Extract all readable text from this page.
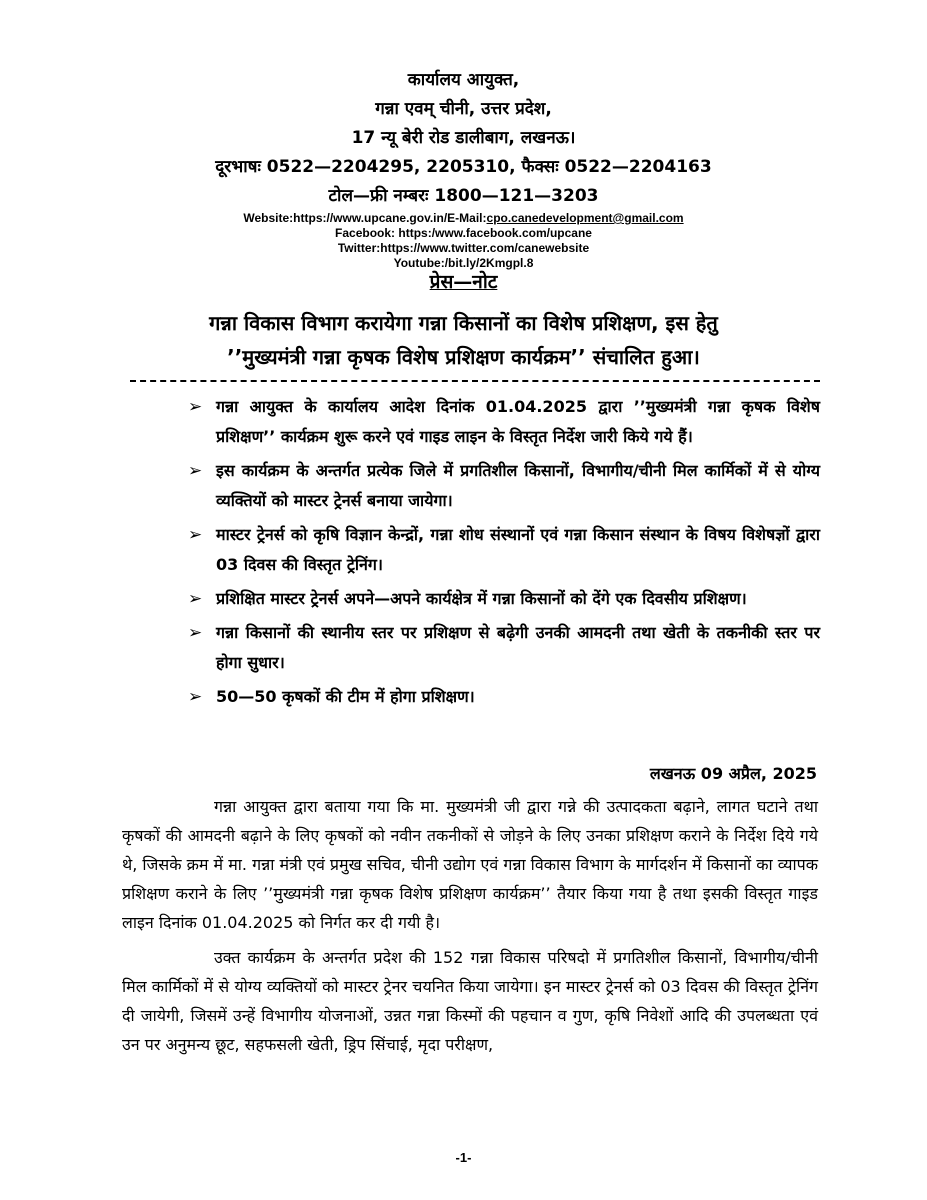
कार्यालय आयुक्त,
गन्ना एवम् चीनी, उत्तर प्रदेश,
17 न्यू बेरी रोड डालीबाग, लखनऊ।
दूरभाषः 0522—2204295, 2205310, फैक्सः 0522—2204163
टोल—फ्री नम्बरः 1800—121—3203
Website:https://www.upcane.gov.in/E-Mail:cpo.canedevelopment@gmail.com
Facebook: https:/www.facebook.com/upcane
Twitter:https://www.twitter.com/canewebsite
Youtube:/bit.ly/2Kmgpl.8
प्रेस—नोट
गन्ना विकास विभाग करायेगा गन्ना किसानों का विशेष प्रशिक्षण, इस हेतु
’’मुख्यमंत्री गन्ना कृषक विशेष प्रशिक्षण कार्यक्रम’’ संचालित हुआ।
➢ गन्ना आयुक्त के कार्यालय आदेश दिनांक 01.04.2025 द्वारा ’’मुख्यमंत्री गन्ना कृषक विशेष प्रशिक्षण’’ कार्यक्रम शुरू करने एवं गाइड लाइन के विस्तृत निर्देश जारी किये गये हैं।
➢ इस कार्यक्रम के अन्तर्गत प्रत्येक जिले में प्रगतिशील किसानों, विभागीय/चीनी मिल कार्मिकों में से योग्य व्यक्तियों को मास्टर ट्रेनर्स बनाया जायेगा।
➢ मास्टर ट्रेनर्स को कृषि विज्ञान केन्द्रों, गन्ना शोध संस्थानों एवं गन्ना किसान संस्थान के विषय विशेषज्ञों द्वारा 03 दिवस की विस्तृत ट्रेनिंग।
➢ प्रशिक्षित मास्टर ट्रेनर्स अपने—अपने कार्यक्षेत्र में गन्ना किसानों को देंगे एक दिवसीय प्रशिक्षण।
➢ गन्ना किसानों की स्थानीय स्तर पर प्रशिक्षण से बढ़ेगी उनकी आमदनी तथा खेती के तकनीकी स्तर पर होगा सुधार।
➢ 50—50 कृषकों की टीम में होगा प्रशिक्षण।
लखनऊ 09 अप्रैल, 2025

गन्ना आयुक्त द्वारा बताया गया कि मा. मुख्यमंत्री जी द्वारा गन्ने की उत्पादकता बढ़ाने, लागत घटाने तथा कृषकों की आमदनी बढ़ाने के लिए कृषकों को नवीन तकनीकों से जोड़ने के लिए उनका प्रशिक्षण कराने के निर्देश दिये गये थे, जिसके क्रम में मा. गन्ना मंत्री एवं प्रमुख सचिव, चीनी उद्योग एवं गन्ना विकास विभाग के मार्गदर्शन में किसानों का व्यापक प्रशिक्षण कराने के लिए ’’मुख्यमंत्री गन्ना कृषक विशेष प्रशिक्षण कार्यक्रम’’ तैयार किया गया है तथा इसकी विस्तृत गाइड लाइन दिनांक 01.04.2025 को निर्गत कर दी गयी है।

उक्त कार्यक्रम के अन्तर्गत प्रदेश की 152 गन्ना विकास परिषदो में प्रगतिशील किसानों, विभागीय/चीनी मिल कार्मिकों में से योग्य व्यक्तियों को मास्टर ट्रेनर चयनित किया जायेगा। इन मास्टर ट्रेनर्स को 03 दिवस की विस्तृत ट्रेनिंग दी जायेगी, जिसमें उन्हें विभागीय योजनाओं, उन्नत गन्ना किस्मों की पहचान व गुण, कृषि निवेशों आदि की उपलब्धता एवं उन पर अनुमन्य छूट, सहफसली खेती, ड्रिप सिंचाई, मृदा परीक्षण,

-1-
